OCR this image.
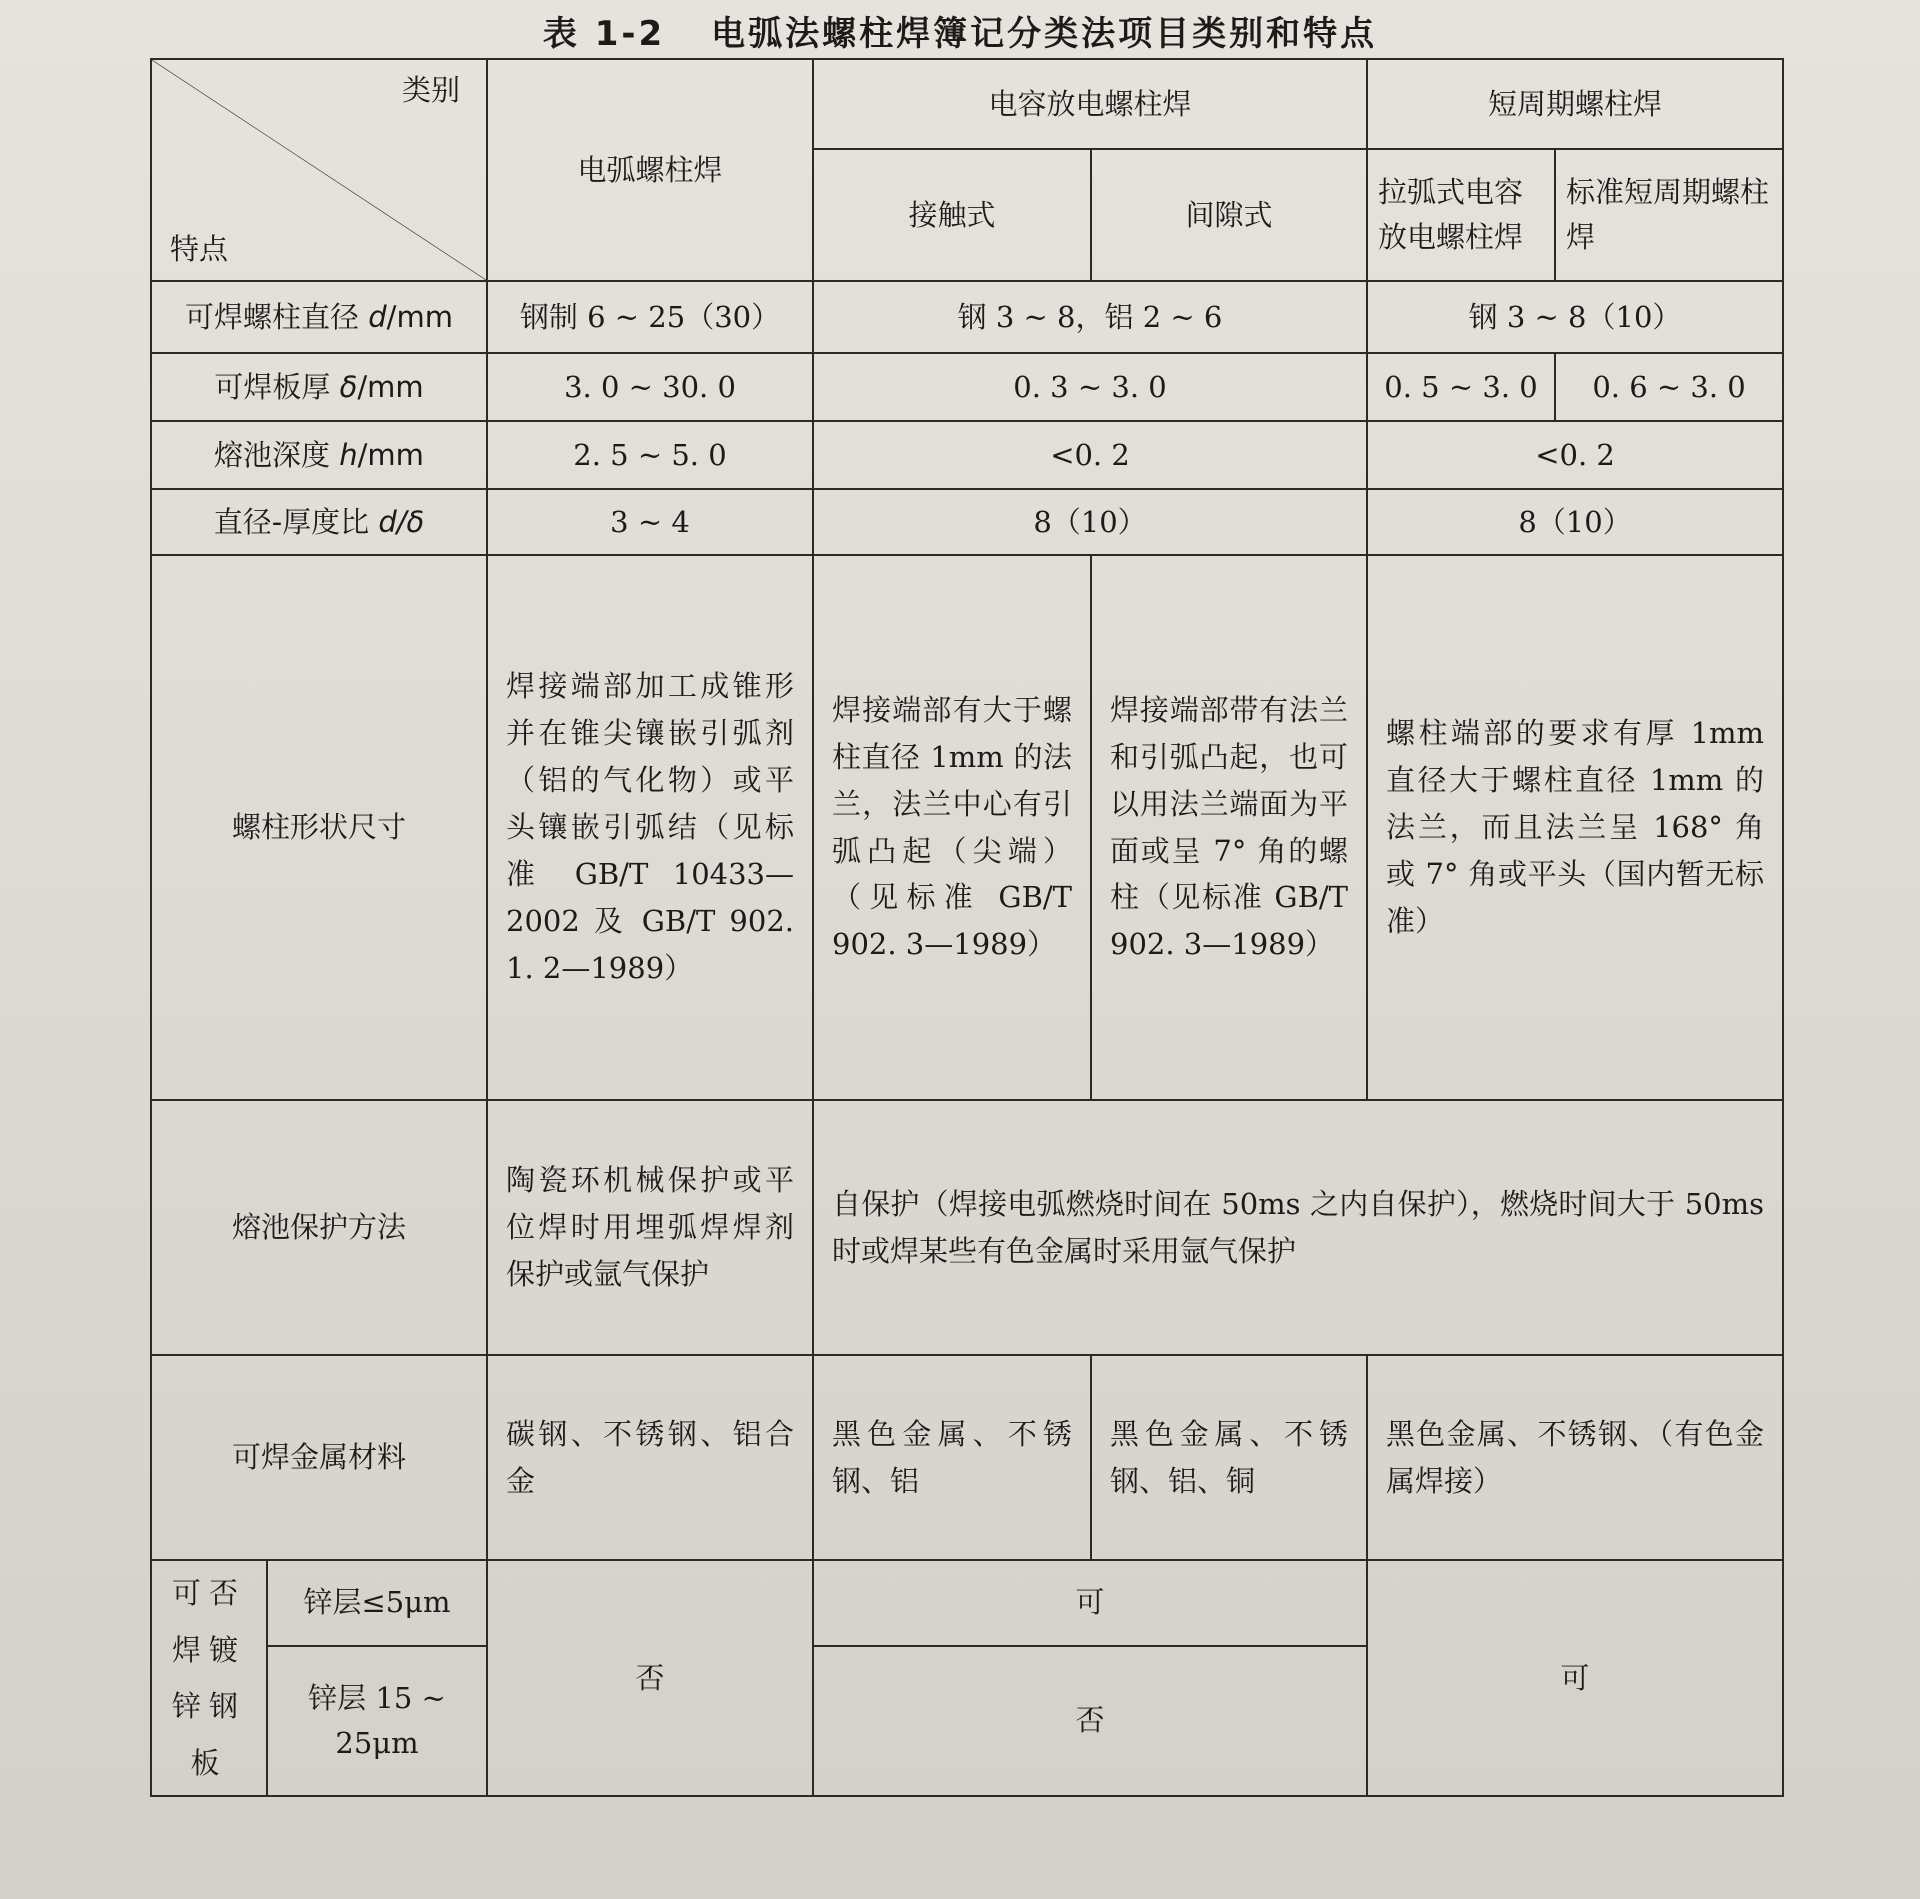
表 1-2 电弧法螺柱焊簿记分类法项目类别和特点
类别
特点		电弧螺柱焊	电容放电螺柱焊		短周期螺柱焊	
			接触式	间隙式	拉弧式电容放电螺柱焊	标准短周期螺柱焊

可焊螺柱直径 d/mm		钢制 6 ~ 25（30）	钢 3 ~ 8，铝 2 ~ 6		钢 3 ~ 8（10）	
可焊板厚 δ/mm		3. 0 ~ 30. 0	0. 3 ~ 3. 0		0. 5 ~ 3. 0	0. 6 ~ 3. 0
熔池深度 h/mm		2. 5 ~ 5. 0	<0. 2		<0. 2	
直径-厚度比 d/δ		3 ~ 4	8（10）		8（10）	
螺柱形状尺寸		焊接端部加工成锥形并在锥尖镶嵌引弧剂（铝的气化物）或平头镶嵌引弧结（见标准 GB/T 10433—2002 及 GB/T 902. 1. 2—1989）	焊接端部有大于螺柱直径 1mm 的法兰，法兰中心有引弧凸起（尖端）（见标准 GB/T 902. 3—1989）	焊接端部带有法兰和引弧凸起，也可以用法兰端面为平面或呈 7° 角的螺柱（见标准 GB/T 902. 3—1989）	螺柱端部的要求有厚 1mm 直径大于螺柱直径 1mm 的法兰，而且法兰呈 168° 角或 7° 角或平头（国内暂无标准）	
熔池保护方法		陶瓷环机械保护或平位焊时用埋弧焊焊剂保护或氩气保护	自保护（焊接电弧燃烧时间在 50ms 之内自保护），燃烧时间大于 50ms 时或焊某些有色金属时采用氩气保护			
可焊金属材料		碳钢、不锈钢、铝合金	黑色金属、不锈钢、铝	黑色金属、不锈钢、铝、铜	黑色金属、不锈钢、（有色金属焊接）	
可否焊镀锌钢板	锌层≤5μm	否	可		可	
	锌层 15 ~ 25μm		否			
